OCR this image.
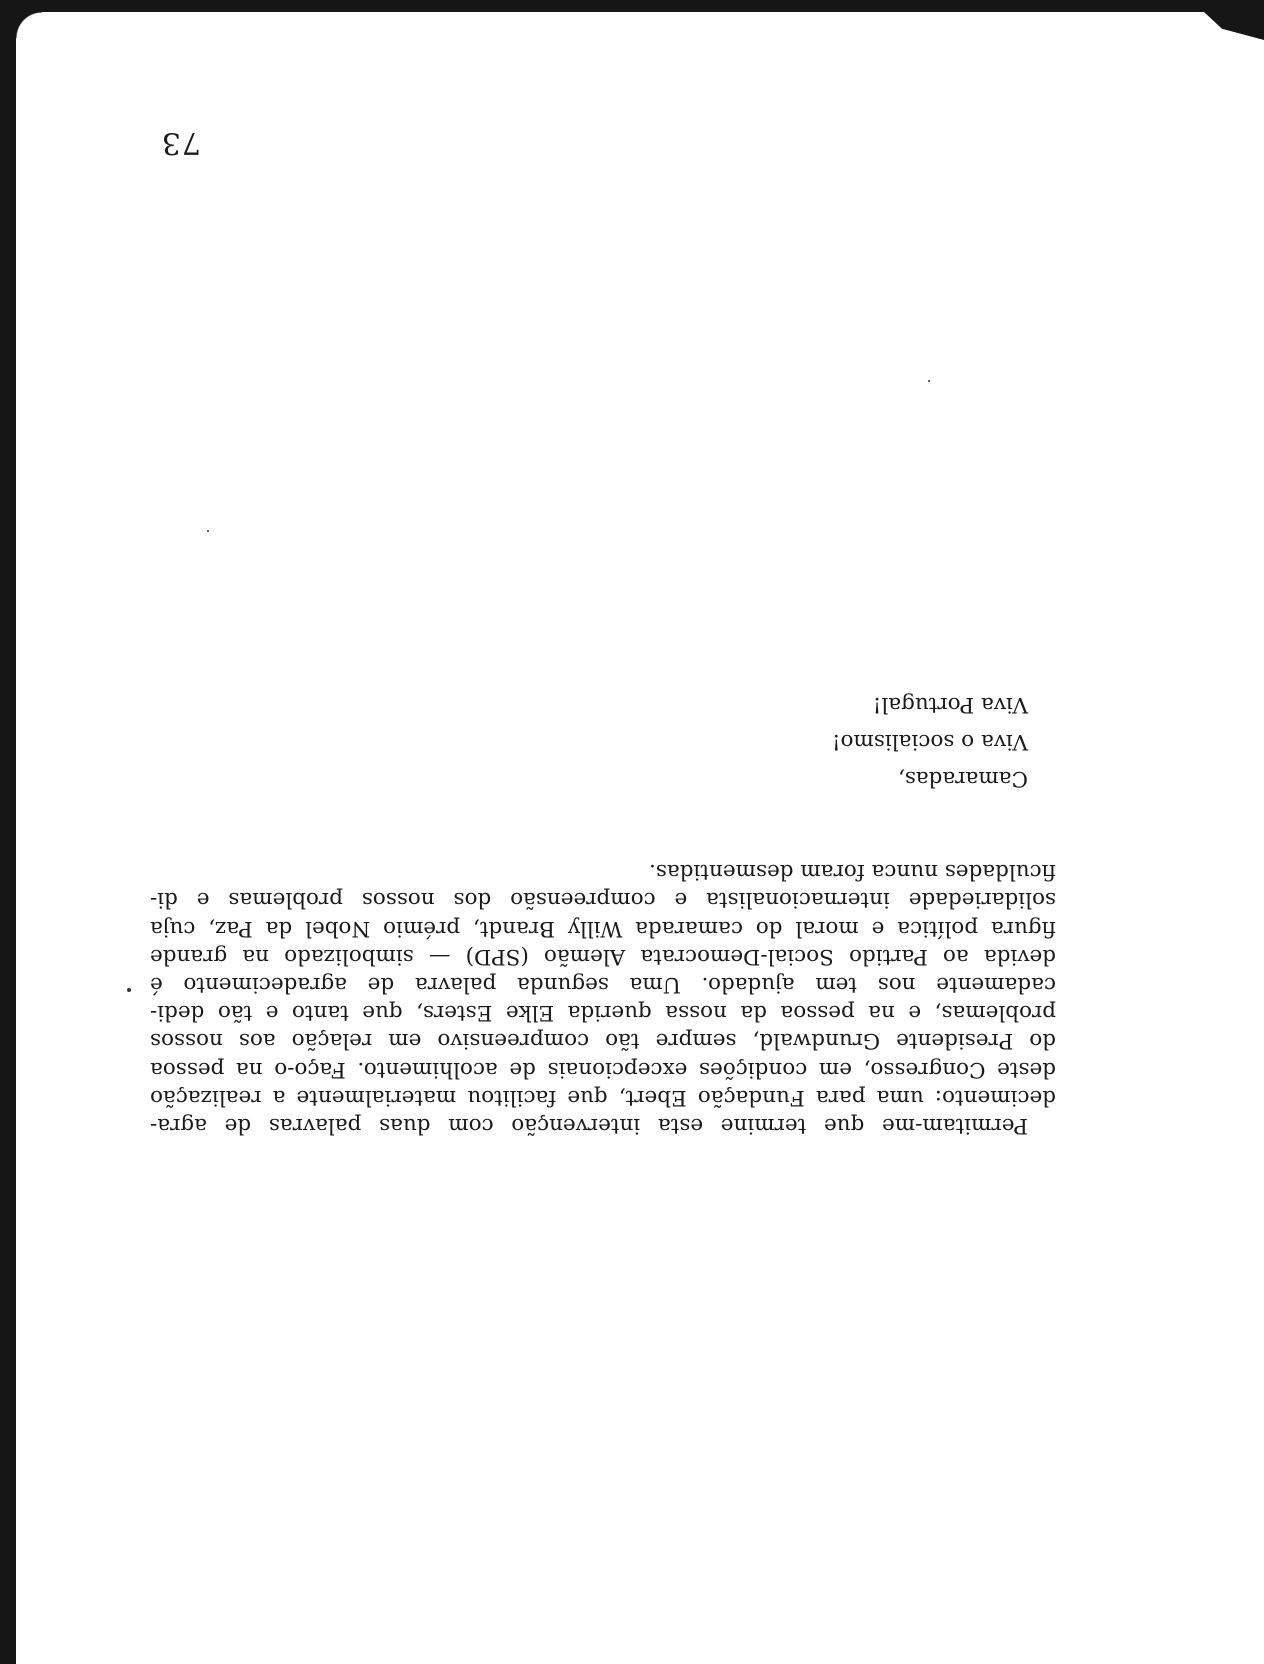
73
Permitam-me que termine esta intervenção com duas palavras de agra-
decimento: uma para Fundação Ebert, que facilitou materialmente a realização
deste Congresso, em condições excepcionais de acolhimento. Faço-o na pessoa
do Presidente Grundwald, sempre tão compreensivo em relação aos nossos
problemas, e na pessoa da nossa querida Elke Esters, que tanto e tão dedi-
cadamente nos tem ajudado. Uma segunda palavra de agradecimento é
devida ao Partido Social-Democrata Alemão (SPD) — simbolizado na grande
figura política e moral do camarada Willy Brandt, prémio Nobel da Paz, cuja
solidariedade internacionalista e compreensão dos nossos problemas e di-
ficuldades nunca foram desmentidas.
Camaradas,
Viva o socialismo!
Viva Portugal!
